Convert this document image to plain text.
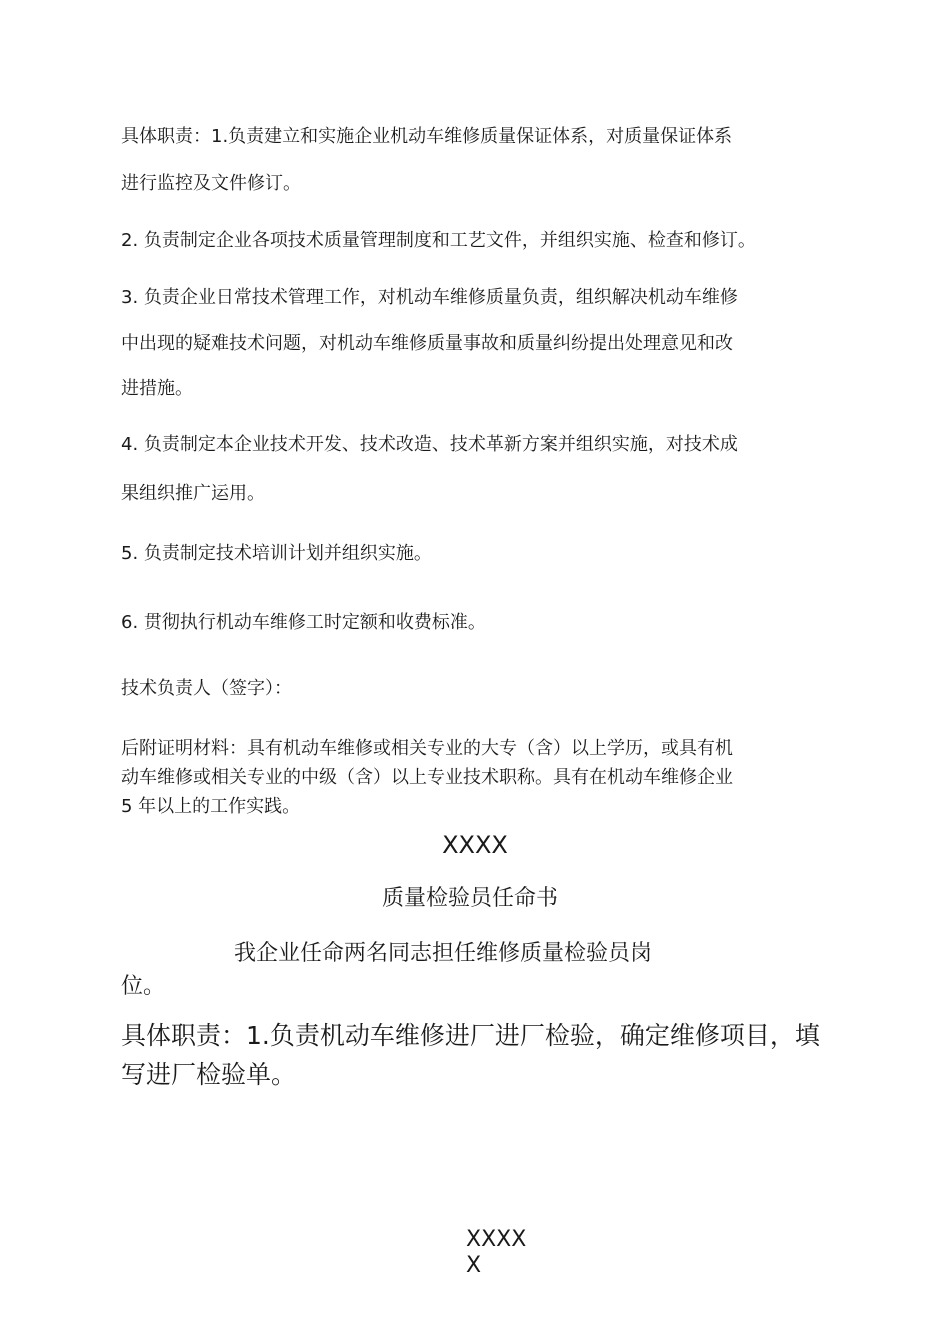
具体职责：1.负责建立和实施企业机动车维修质量保证体系，对质量保证体系

进行监控及文件修订。

2. 负责制定企业各项技术质量管理制度和工艺文件，并组织实施、检查和修订。

3. 负责企业日常技术管理工作，对机动车维修质量负责，组织解决机动车维修

中出现的疑难技术问题，对机动车维修质量事故和质量纠纷提出处理意见和改

进措施。

4. 负责制定本企业技术开发、技术改造、技术革新方案并组织实施，对技术成

果组织推广运用。

5. 负责制定技术培训计划并组织实施。

6. 贯彻执行机动车维修工时定额和收费标准。

技术负责人（签字）：

后附证明材料：具有机动车维修或相关专业的大专（含）以上学历，或具有机

动车维修或相关专业的中级（含）以上专业技术职称。具有在机动车维修企业

5 年以上的工作实践。

XXXX

质量检验员任命书

我企业任命两名同志担任维修质量检验员岗

位。

具体职责：1.负责机动车维修进厂进厂检验，确定维修项目，填

写进厂检验单。

XXXX

X
